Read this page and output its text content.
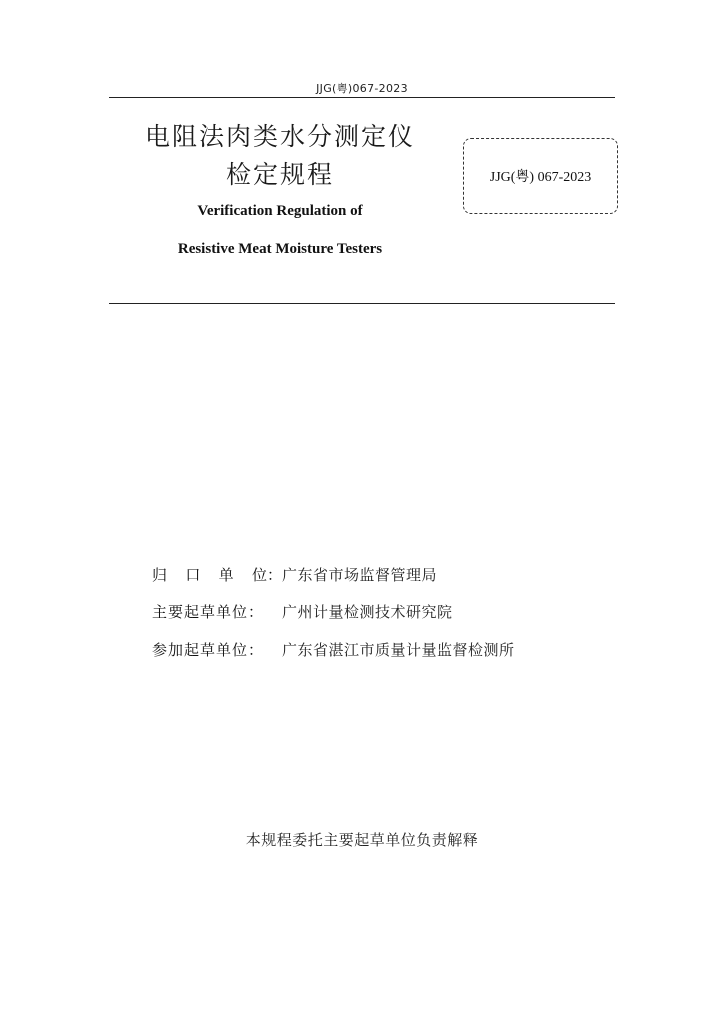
JJG(粤)067-2023

电阻法肉类水分测定仪

检定规程

Verification Regulation of
Resistive Meat Moisture Testers
JJG(粤) 067-2023
归 口 单 位： 广东省市场监督管理局
主要起草单位：	广州计量检测技术研究院
参加起草单位：	广东省湛江市质量计量监督检测所
本规程委托主要起草单位负责解释
